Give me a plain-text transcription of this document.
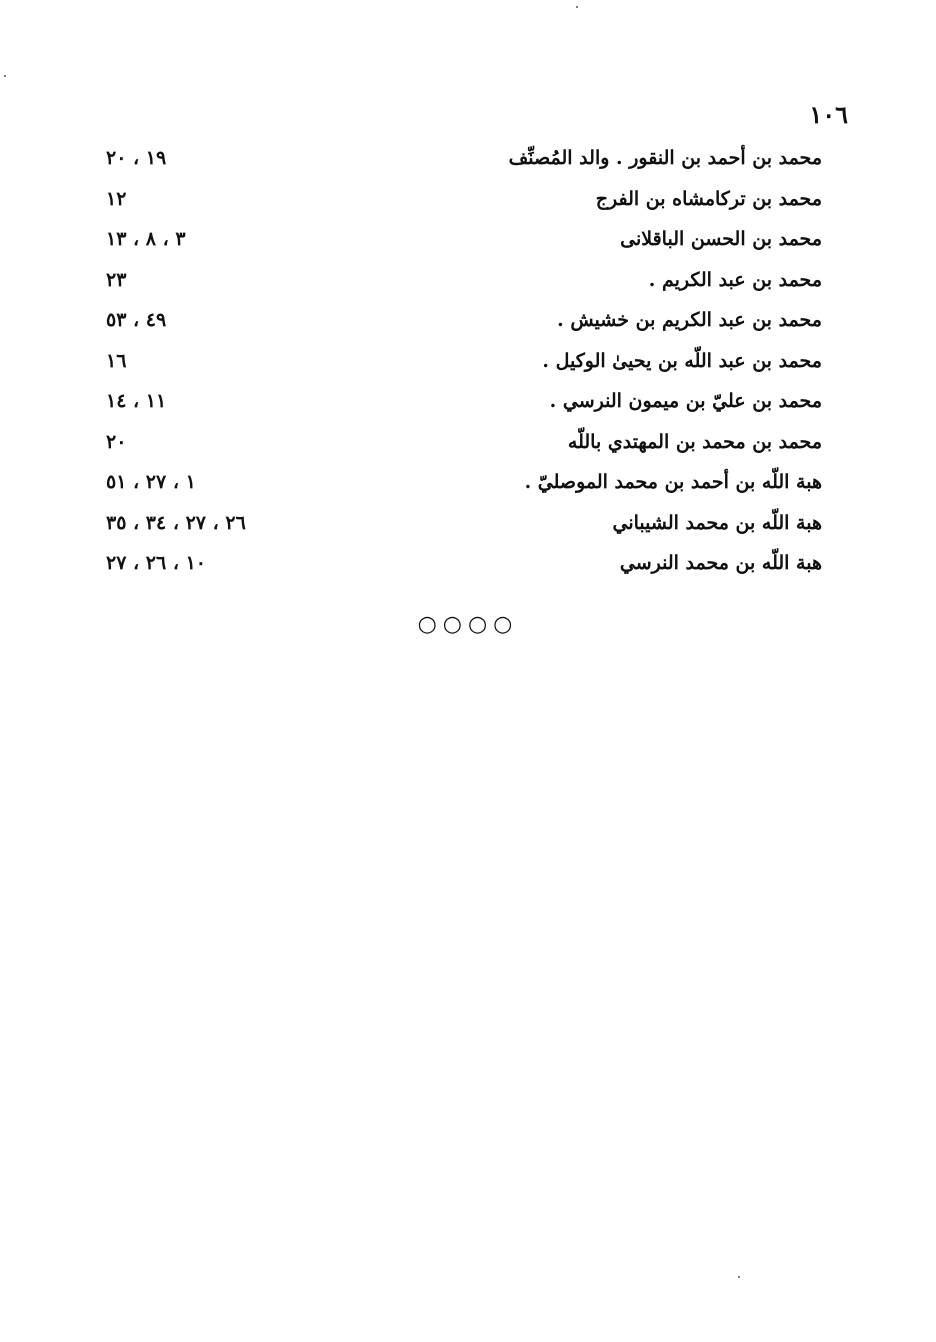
١٠٦
محمد بن أحمد بن النقور . والد المُصنِّف
١٩ ، ٢٠
محمد بن تركامشاه بن الفرج
١٢
محمد بن الحسن الباقلانى
٣ ، ٨ ، ١٣
محمد بن عبد الكريم .
٢٣
محمد بن عبد الكريم بن خشيش .
٤٩ ، ٥٣
محمد بن عبد اللّه بن يحيىٰ الوكيل .
١٦
محمد بن عليّ بن ميمون النرسي .
١١ ، ١٤
محمد بن محمد بن المهتدي باللّه
٢٠
هبة اللّه بن أحمد بن محمد الموصليّ .
١ ، ٢٧ ، ٥١
هبة اللّه بن محمد الشيباني
٢٦ ، ٢٧ ، ٣٤ ، ٣٥
هبة اللّه بن محمد النرسي
١٠ ، ٢٦ ، ٢٧
○○○○
